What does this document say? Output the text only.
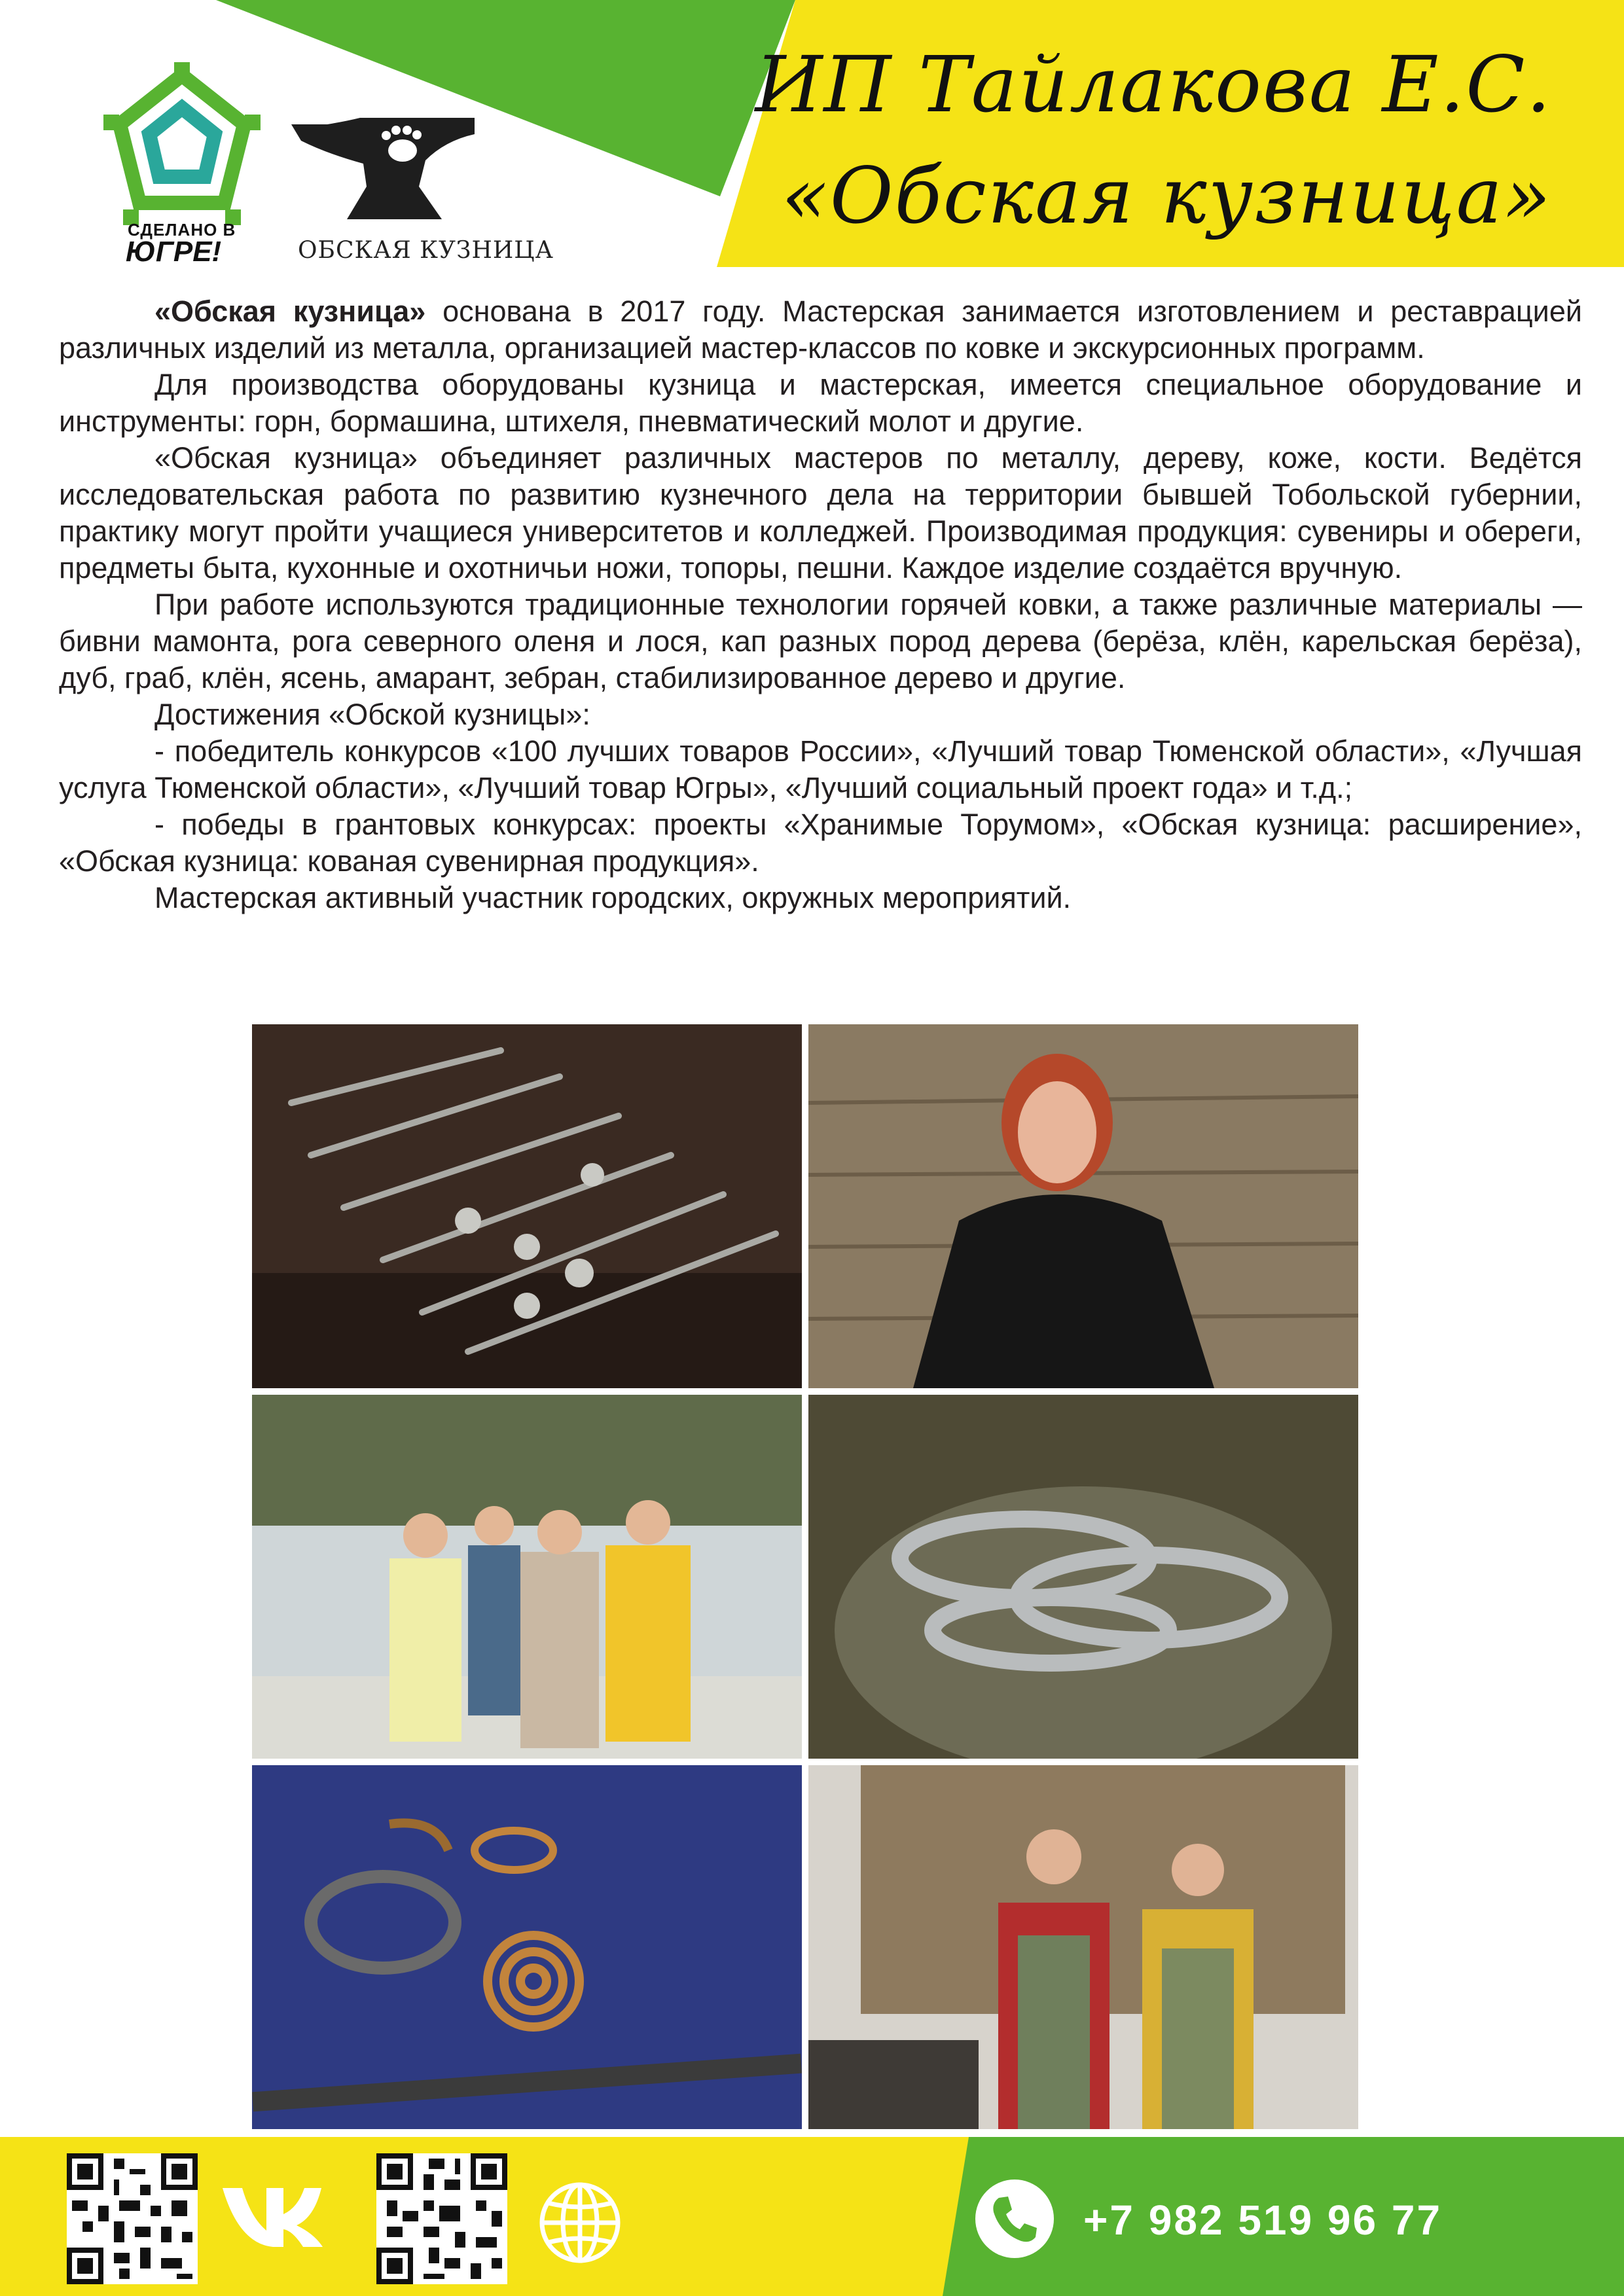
ИП Тайлакова Е.С.
«Обская кузница»
СДЕЛАНО В
ЮГРЕ!	ОБСКАЯ КУЗНИЦА

«Обская кузница» основана в 2017 году. Мастерская занимается изготовлением и реставрацией различных изделий из металла, организацией мастер-классов по ковке и экскурсионных программ.

Для производства оборудованы кузница и мастерская, имеется специальное оборудование и инструменты: горн, бормашина, штихеля, пневматический молот и другие.

«Обская кузница» объединяет различных мастеров по металлу, дереву, коже, кости. Ведётся исследовательская работа по развитию кузнечного дела на территории бывшей Тобольской губернии, практику могут пройти учащиеся университетов и колледжей. Производимая продукция: сувениры и обереги, предметы быта, кухонные и охотничьи ножи, топоры, пешни. Каждое изделие создаётся вручную.

При работе используются традиционные технологии горячей ковки, а также различные материалы — бивни мамонта, рога северного оленя и лося, кап разных пород дерева (берёза, клён, карельская берёза), дуб, граб, клён, ясень, амарант, зебран, стабилизированное дерево и другие.

Достижения «Обской кузницы»:

- победитель конкурсов «100 лучших товаров России», «Лучший товар Тюменской области», «Лучшая услуга Тюменской области», «Лучший товар Югры», «Лучший социальный проект года» и т.д.;

- победы в грантовых конкурсах: проекты «Хранимые Торумом», «Обская кузница: расширение», «Обская кузница: кованая сувенирная продукция».

Мастерская активный участник городских, окружных мероприятий.

+7 982 519 96 77
